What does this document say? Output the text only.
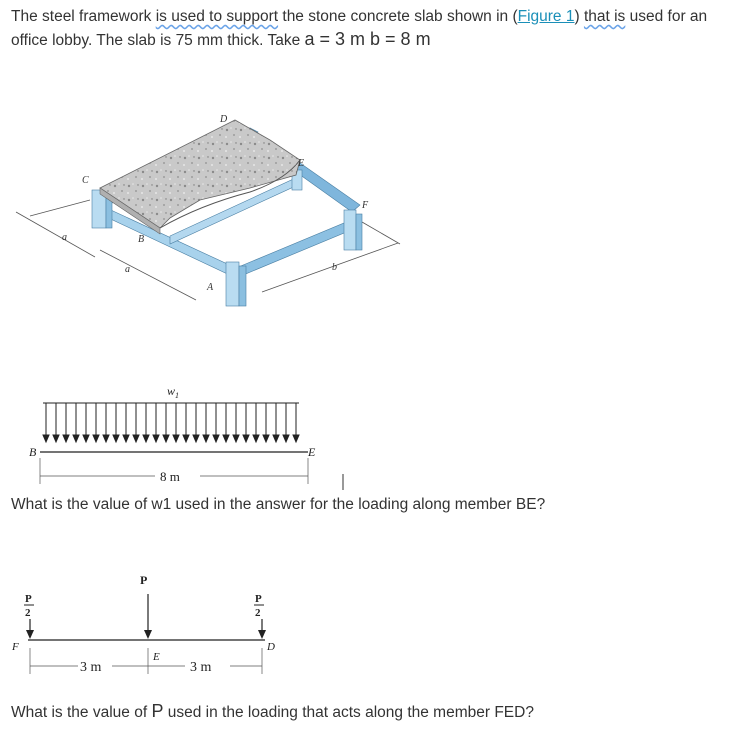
The steel framework is used to support the stone concrete slab shown in (Figure 1) that is used for an office lobby. The slab is 75 mm thick. Take a = 3 m b = 8 m
D
C
E
F
B
A
a
a	b
$w_1$
B	E
8 m
P
P
2
P
2
F
E
D
3 m	3 m
What is the value of w1 used in the answer for the loading along member BE?
What is the value of P used in the loading that acts along the member FED?
